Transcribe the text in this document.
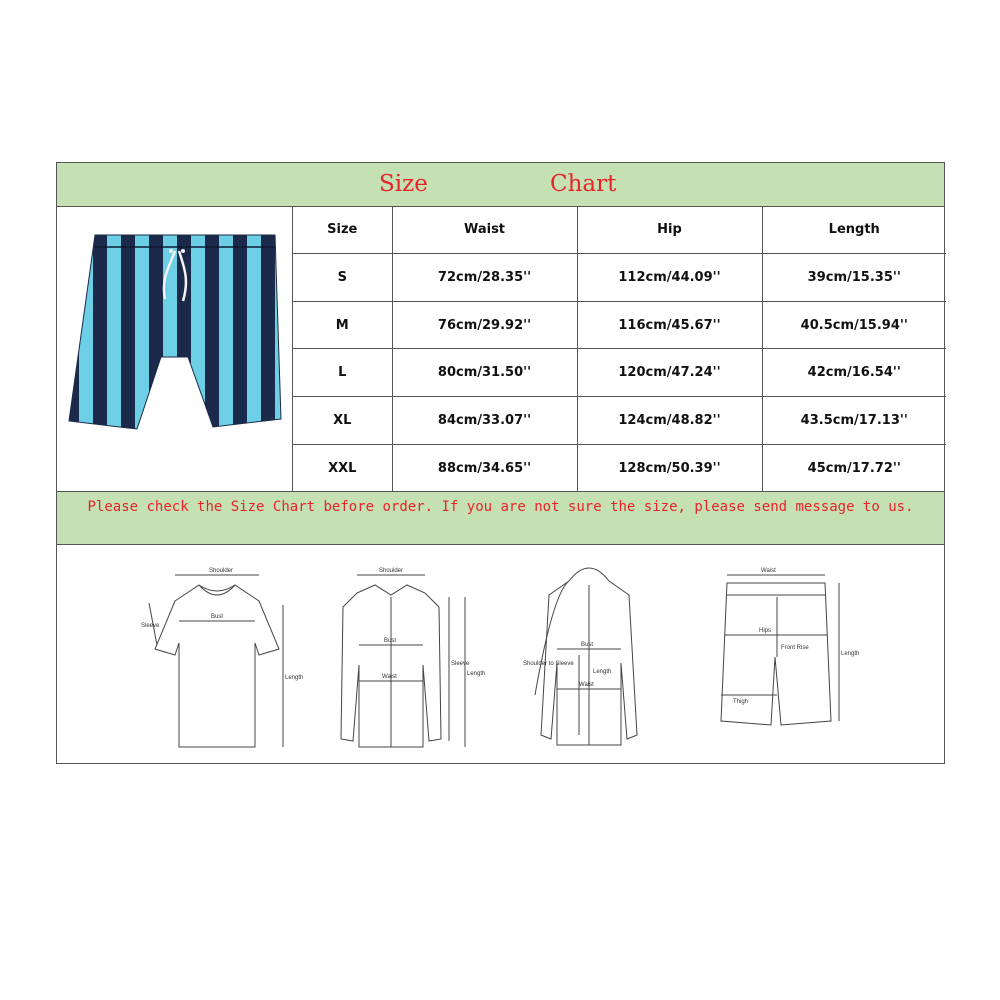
Size	Chart
Size	Waist	Hip	Length
S	72cm/28.35''	112cm/44.09''	39cm/15.35''
M	76cm/29.92''	116cm/45.67''	40.5cm/15.94''
L	80cm/31.50''	120cm/47.24''	42cm/16.54''
XL	84cm/33.07''	124cm/48.82''	43.5cm/17.13''
XXL	88cm/34.65''	128cm/50.39''	45cm/17.72''
Please check the Size Chart before order. If you are not sure the size, please send message to us.
Shoulder
Sleeve
Bust
Length
Shoulder
Bust
Waist
Sleeve
Length
Shoulder to Sleeve
Bust
Length
Waist
Waist
Hips
Front Rise
Thigh
Length
